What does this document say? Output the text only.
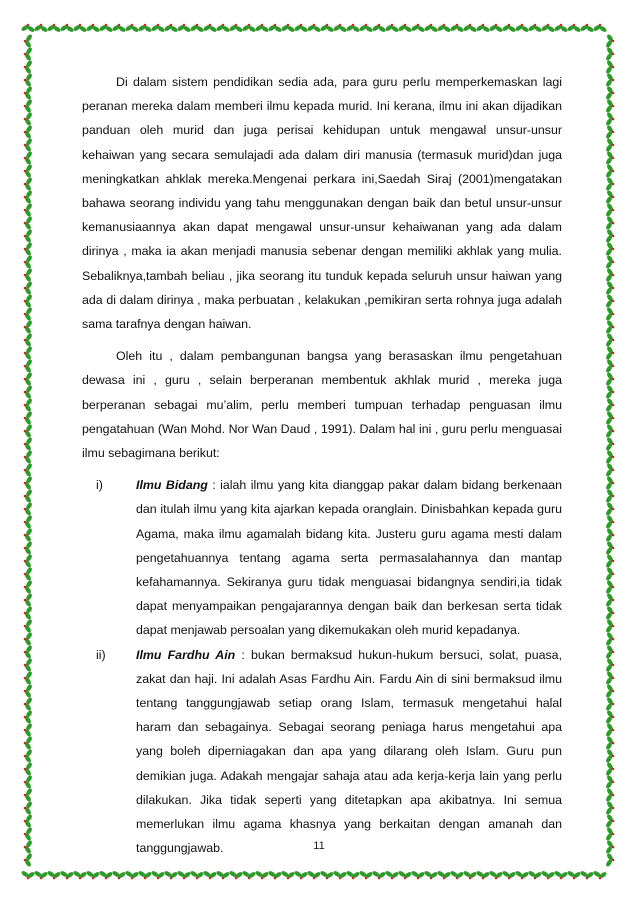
Di dalam sistem pendidikan sedia ada, para guru perlu memperkemaskan lagi peranan mereka dalam memberi ilmu kepada murid. Ini kerana, ilmu ini akan dijadikan panduan oleh murid dan juga perisai kehidupan untuk mengawal unsur-unsur kehaiwan yang secara semulajadi ada dalam diri manusia (termasuk murid)dan juga meningkatkan ahklak mereka.Mengenai perkara ini,Saedah Siraj (2001)mengatakan bahawa seorang individu yang tahu menggunakan dengan baik dan betul unsur-unsur kemanusiaannya akan dapat mengawal unsur-unsur kehaiwanan yang ada dalam dirinya , maka ia akan menjadi manusia sebenar dengan memiliki akhlak yang mulia. Sebaliknya,tambah beliau , jika seorang itu tunduk kepada seluruh unsur haiwan yang ada di dalam dirinya , maka perbuatan , kelakukan ,pemikiran serta rohnya juga adalah sama tarafnya dengan haiwan.

Oleh itu , dalam pembangunan bangsa yang berasaskan ilmu pengetahuan dewasa ini , guru , selain berperanan membentuk akhlak murid , mereka juga berperanan sebagai mu’alim, perlu memberi tumpuan terhadap penguasan ilmu pengatahuan (Wan Mohd. Nor Wan Daud , 1991). Dalam hal ini , guru perlu menguasai ilmu sebagimana berikut:

i)	Ilmu Bidang : ialah ilmu yang kita dianggap pakar dalam bidang berkenaan dan itulah ilmu yang kita ajarkan kepada oranglain. Dinisbahkan kepada guru Agama, maka ilmu agamalah bidang kita. Justeru guru agama mesti dalam pengetahuannya tentang agama serta permasalahannya dan mantap kefahamannya. Sekiranya guru tidak menguasai bidangnya sendiri,ia tidak dapat menyampaikan pengajarannya dengan baik dan berkesan serta tidak dapat menjawab persoalan yang dikemukakan oleh murid kepadanya.

ii) Ilmu Fardhu Ain : bukan bermaksud hukun-hukum bersuci, solat, puasa, zakat dan haji. Ini adalah Asas Fardhu Ain. Fardu Ain di sini bermaksud ilmu tentang tanggungjawab setiap orang Islam, termasuk mengetahui halal haram dan sebagainya. Sebagai seorang peniaga harus mengetahui apa yang boleh diperniagakan dan apa yang dilarang oleh Islam. Guru pun demikian juga. Adakah mengajar sahaja atau ada kerja-kerja lain yang perlu dilakukan. Jika tidak seperti yang ditetapkan apa akibatnya. Ini semua memerlukan ilmu agama khasnya yang berkaitan dengan amanah dan tanggungjawab.	11
